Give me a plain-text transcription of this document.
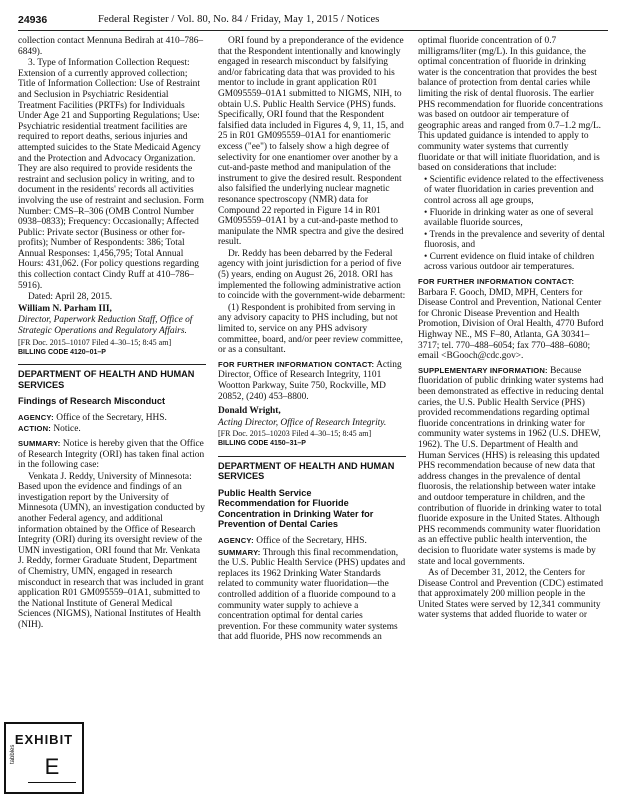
24936	Federal Register / Vol. 80, No. 84 / Friday, May 1, 2015 / Notices

collection contact Mennuna Bedirah at 410–786–6849).

3. Type of Information Collection Request: Extension of a currently approved collection; Title of Information Collection: Use of Restraint and Seclusion in Psychiatric Residential Treatment Facilities (PRTFs) for Individuals Under Age 21 and Supporting Regulations; Use: Psychiatric residential treatment facilities are required to report deaths, serious injuries and attempted suicides to the State Medicaid Agency and the Protection and Advocacy Organization. They are also required to provide residents the restraint and seclusion policy in writing, and to document in the residents' records all activities involving the use of restraint and seclusion. Form Number: CMS–R–306 (OMB Control Number 0938–0833); Frequency: Occasionally; Affected Public: Private sector (Business or other for-profits); Number of Respondents: 386; Total Annual Responses: 1,456,795; Total Annual Hours: 431,062. (For policy questions regarding this collection contact Cindy Ruff at 410–786–5916).

Dated: April 28, 2015.

William N. Parham III,

Director, Paperwork Reduction Staff, Office of Strategic Operations and Regulatory Affairs.

[FR Doc. 2015–10107 Filed 4–30–15; 8:45 am]

BILLING CODE 4120–01–P

DEPARTMENT OF HEALTH AND HUMAN SERVICES
Findings of Research Misconduct

AGENCY: Office of the Secretary, HHS.

ACTION: Notice.

SUMMARY: Notice is hereby given that the Office of Research Integrity (ORI) has taken final action in the following case:

Venkata J. Reddy, University of Minnesota: Based upon the evidence and findings of an investigation report by the University of Minnesota (UMN), an investigation conducted by another Federal agency, and additional information obtained by the Office of Research Integrity (ORI) during its oversight review of the UMN investigation, ORI found that Mr. Venkata J. Reddy, former Graduate Student, Department of Chemistry, UMN, engaged in research misconduct in research that was included in grant application R01 GM095559–01A1, submitted to the National Institute of General Medical Sciences (NIGMS), National Institutes of Health (NIH).

ORI found by a preponderance of the evidence that the Respondent intentionally and knowingly engaged in research misconduct by falsifying and/or fabricating data that was provided to his mentor to include in grant application R01 GM095559–01A1 submitted to NIGMS, NIH, to obtain U.S. Public Health Service (PHS) funds. Specifically, ORI found that the Respondent falsified data included in Figures 4, 9, 11, 15, and 25 in R01 GM095559–01A1 for enantiomeric excess ("ee") to falsely show a high degree of selectivity for one enantiomer over another by a cut-and-paste method and manipulation of the instrument to give the desired result. Respondent also falsified the underlying nuclear magnetic resonance spectroscopy (NMR) data for Compound 22 reported in Figure 14 in R01 GM095559–01A1 by a cut-and-paste method to manipulate the NMR spectra and give the desired result.

Dr. Reddy has been debarred by the Federal agency with joint jurisdiction for a period of five (5) years, ending on August 26, 2018. ORI has implemented the following administrative action to coincide with the government-wide debarment:

(1) Respondent is prohibited from serving in any advisory capacity to PHS including, but not limited to, service on any PHS advisory committee, board, and/or peer review committee, or as a consultant.

FOR FURTHER INFORMATION CONTACT: Acting Director, Office of Research Integrity, 1101 Wootton Parkway, Suite 750, Rockville, MD 20852, (240) 453–8800.

Donald Wright,

Acting Director, Office of Research Integrity.

[FR Doc. 2015–10203 Filed 4–30–15; 8:45 am]

BILLING CODE 4150–31–P

DEPARTMENT OF HEALTH AND HUMAN SERVICES
Public Health Service
Recommendation for Fluoride Concentration in Drinking Water for Prevention of Dental Caries

AGENCY: Office of the Secretary, HHS.

SUMMARY: Through this final recommendation, the U.S. Public Health Service (PHS) updates and replaces its 1962 Drinking Water Standards related to community water fluoridation—the controlled addition of a fluoride compound to a community water supply to achieve a concentration optimal for dental caries prevention. For these community water systems that add fluoride, PHS now recommends an

optimal fluoride concentration of 0.7 milligrams/liter (mg/L). In this guidance, the optimal concentration of fluoride in drinking water is the concentration that provides the best balance of protection from dental caries while limiting the risk of dental fluorosis. The earlier PHS recommendation for fluoride concentrations was based on outdoor air temperature of geographic areas and ranged from 0.7–1.2 mg/L. This updated guidance is intended to apply to community water systems that currently fluoridate or that will initiate fluoridation, and is based on considerations that include:

• Scientific evidence related to the effectiveness of water fluoridation in caries prevention and control across all age groups,

• Fluoride in drinking water as one of several available fluoride sources,

• Trends in the prevalence and severity of dental fluorosis, and

• Current evidence on fluid intake of children across various outdoor air temperatures.

FOR FURTHER INFORMATION CONTACT: Barbara F. Gooch, DMD, MPH, Centers for Disease Control and Prevention, National Center for Chronic Disease Prevention and Health Promotion, Division of Oral Health, 4770 Buford Highway NE., MS F–80, Atlanta, GA 30341–3717; tel. 770–488–6054; fax 770–488–6080; email <BGooch@cdc.gov>.

SUPPLEMENTARY INFORMATION: Because fluoridation of public drinking water systems had been demonstrated as effective in reducing dental caries, the U.S. Public Health Service (PHS) provided recommendations regarding optimal fluoride concentrations in drinking water for community water systems in 1962 (U.S. DHEW, 1962). The U.S. Department of Health and Human Services (HHS) is releasing this updated PHS recommendation because of new data that address changes in the prevalence of dental fluorosis, the relationship between water intake and outdoor temperature in children, and the contribution of fluoride in drinking water to total fluoride exposure in the United States. Although PHS recommends community water fluoridation as an effective public health intervention, the decision to fluoridate water systems is made by state and local governments.

As of December 31, 2012, the Centers for Disease Control and Prevention (CDC) estimated that approximately 200 million people in the United States were served by 12,341 community water systems that added fluoride to water or

EXHIBIT
E
tabbles
